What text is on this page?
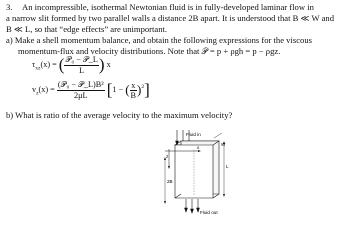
3. An incompressible, isothermal Newtonian fluid is in fully-developed laminar flow in
a narrow slit formed by two parallel walls a distance 2B apart. It is understood that B ≪ W and
B ≪ L, so that “edge effects” are unimportant.
a) Make a shell momentum balance, and obtain the following expressions for the viscous
momentum-flux and velocity distributions. Note that 𝒫 = p + ρgh = p − ρgz.
$\tau_{xz}(x)$ = ( $\frac{\text{𝒫₀ − 𝒫\_L}}{L}$ ) x
$v_z(x) = \frac{\text{(𝒫₀ − 𝒫\_L)B²}}{2\mu L} [1$ − ( $\frac{x}{B} )^2$]
b) What is ratio of the average velocity to the maximum velocity?
Fluid in
Fluid out
2B
L
W
x
z
